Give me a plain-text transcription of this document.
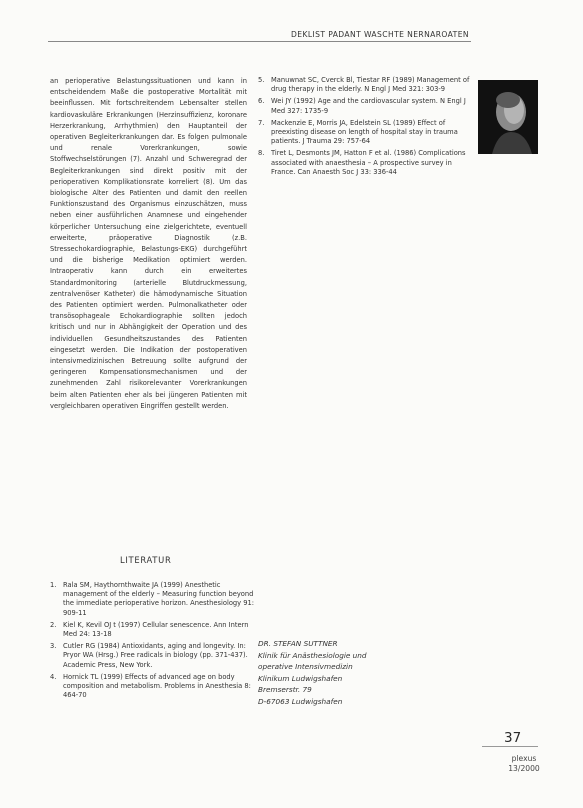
DEKLIST PADANT WASCHTE NERNAROATEN

an perioperative Belastungssituationen und kann in entscheidendem Maße die postoperative Mortalität mit beeinflussen. Mit fortschreitendem Lebensalter stellen kardiovaskuläre Erkrankungen (Herzinsuffizienz, koronare Herzerkrankung, Arrhythmien) den Hauptanteil der operativen Begleiterkrankungen dar. Es folgen pulmonale und renale Vorerkrankungen, sowie Stoffwechselstörungen (7). Anzahl und Schweregrad der Begleiterkrankungen sind direkt positiv mit der perioperativen Komplikationsrate korreliert (8). Um das biologische Alter des Patienten und damit den reellen Funktionszustand des Organismus einzuschätzen, muss neben einer ausführlichen Anamnese und eingehender körperlicher Untersuchung eine zielgerichtete, eventuell erweiterte, präoperative Diagnostik (z.B. Stressechokardiographie, Belastungs-EKG) durchgeführt und die bisherige Medikation optimiert werden. Intraoperativ kann durch ein erweitertes Standardmonitoring (arterielle Blutdruckmessung, zentralvenöser Katheter) die hämodynamische Situation des Patienten optimiert werden. Pulmonalkatheter oder transösophageale Echokardiographie sollten jedoch kritisch und nur in Abhängigkeit der Operation und des individuellen Gesundheitszustandes des Patienten eingesetzt werden. Die Indikation der postoperativen intensivmedizinischen Betreuung sollte aufgrund der geringeren Kompensationsmechanismen und der zunehmenden Zahl risikorelevanter Vorerkrankungen beim alten Patienten eher als bei jüngeren Patienten mit vergleichbaren operativen Eingriffen gestellt werden.

5. Manuwnat SC, Cverck Bl, Tiestar RF (1989) Management of drug therapy in the elderly. N Engl J Med 321: 303-9
6. Wei JY (1992) Age and the cardiovascular system. N Engl J Med 327: 1735-9
7. Mackenzie E, Morris JA, Edelstein SL (1989) Effect of preexisting disease on length of hospital stay in trauma patients. J Trauma 29: 757-64
8. Tiret L, Desmonts JM, Hatton F et al. (1986) Complications associated with anaesthesia – A prospective survey in France. Can Anaesth Soc J 33: 336-44
LITERATUR
1. Rala SM, Haythornthwaite JA (1999) Anesthetic management of the elderly – Measuring function beyond the immediate perioperative horizon. Anesthesiology 91: 909-11
2. Kiel K, Kevil OJ t (1997) Cellular senescence. Ann Intern Med 24: 13-18
3. Cutler RG (1984) Antioxidants, aging and longevity. In: Pryor WA (Hrsg.) Free radicals in biology (pp. 371-437). Academic Press, New York.
4. Hornick TL (1999) Effects of advanced age on body composition and metabolism. Problems in Anesthesia 8: 464-70

DR. STEFAN SUTTNER

Klinik für Anästhesiologie und

operative Intensivmedizin

Klinikum Ludwigshafen

Bremserstr. 79

D-67063 Ludwigshafen

37

plexus
13/2000
